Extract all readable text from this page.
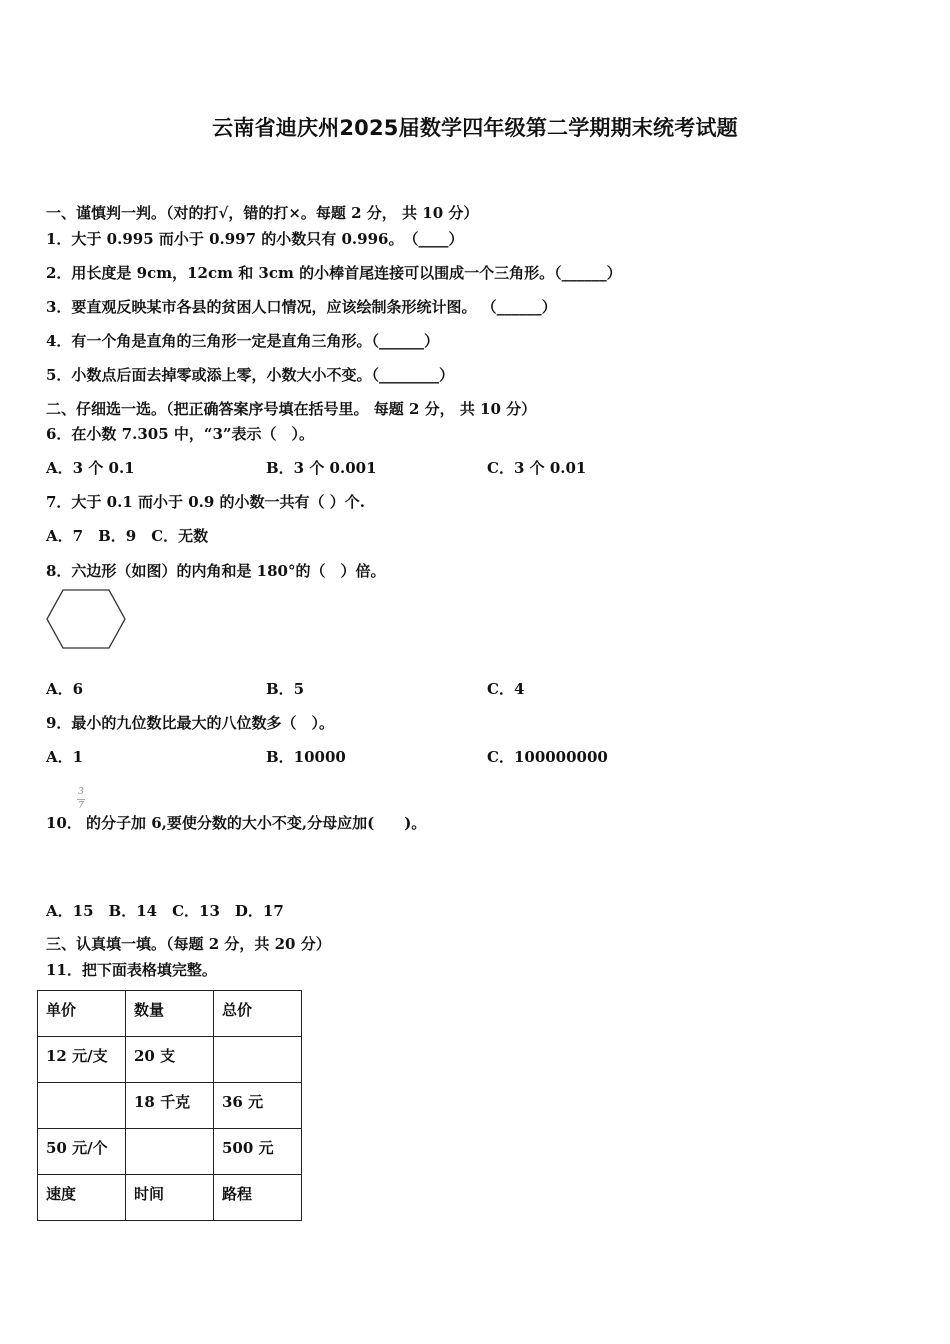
云南省迪庆州2025届数学四年级第二学期期末统考试题
一、谨慎判一判。（对的打√，错的打×。每题 2 分， 共 10 分）
1．大于 0.995 而小于 0.997 的小数只有 0.996。　（____）
2．用长度是 9cm，12cm 和 3cm 的小棒首尾连接可以围成一个三角形。（______）
3．要直观反映某市各县的贫困人口情况，应该绘制条形统计图。 （______）
4．有一个角是直角的三角形一定是直角三角形。（______）
5．小数点后面去掉零或添上零，小数大小不变。（________）
二、仔细选一选。（把正确答案序号填在括号里。 每题 2 分， 共 10 分）
6．在小数 7.305 中，“3”表示（　）。
A．3 个 0.1	B．3 个 0.001	C．3 个 0.01
7．大于 0.1 而小于 0.9 的小数一共有（ ）个.
A．7　B．9　C．无数
8．六边形（如图）的内角和是 180°的（　）倍。
A．6	B．5	C．4
9．最小的九位数比最大的八位数多（　）。
A．1	B．10000	C．100000000
10．
3
7
的分子加 6,要使分数的大小不变,分母应加(　　)。
A．15　B．14　C．13　D．17
三、认真填一填。（每题 2 分，共 20 分）
11．把下面表格填完整。
单价	数量	总价
12 元/支	20 支	
	18 千克	36 元
50 元/个		500 元
速度	时间	路程
